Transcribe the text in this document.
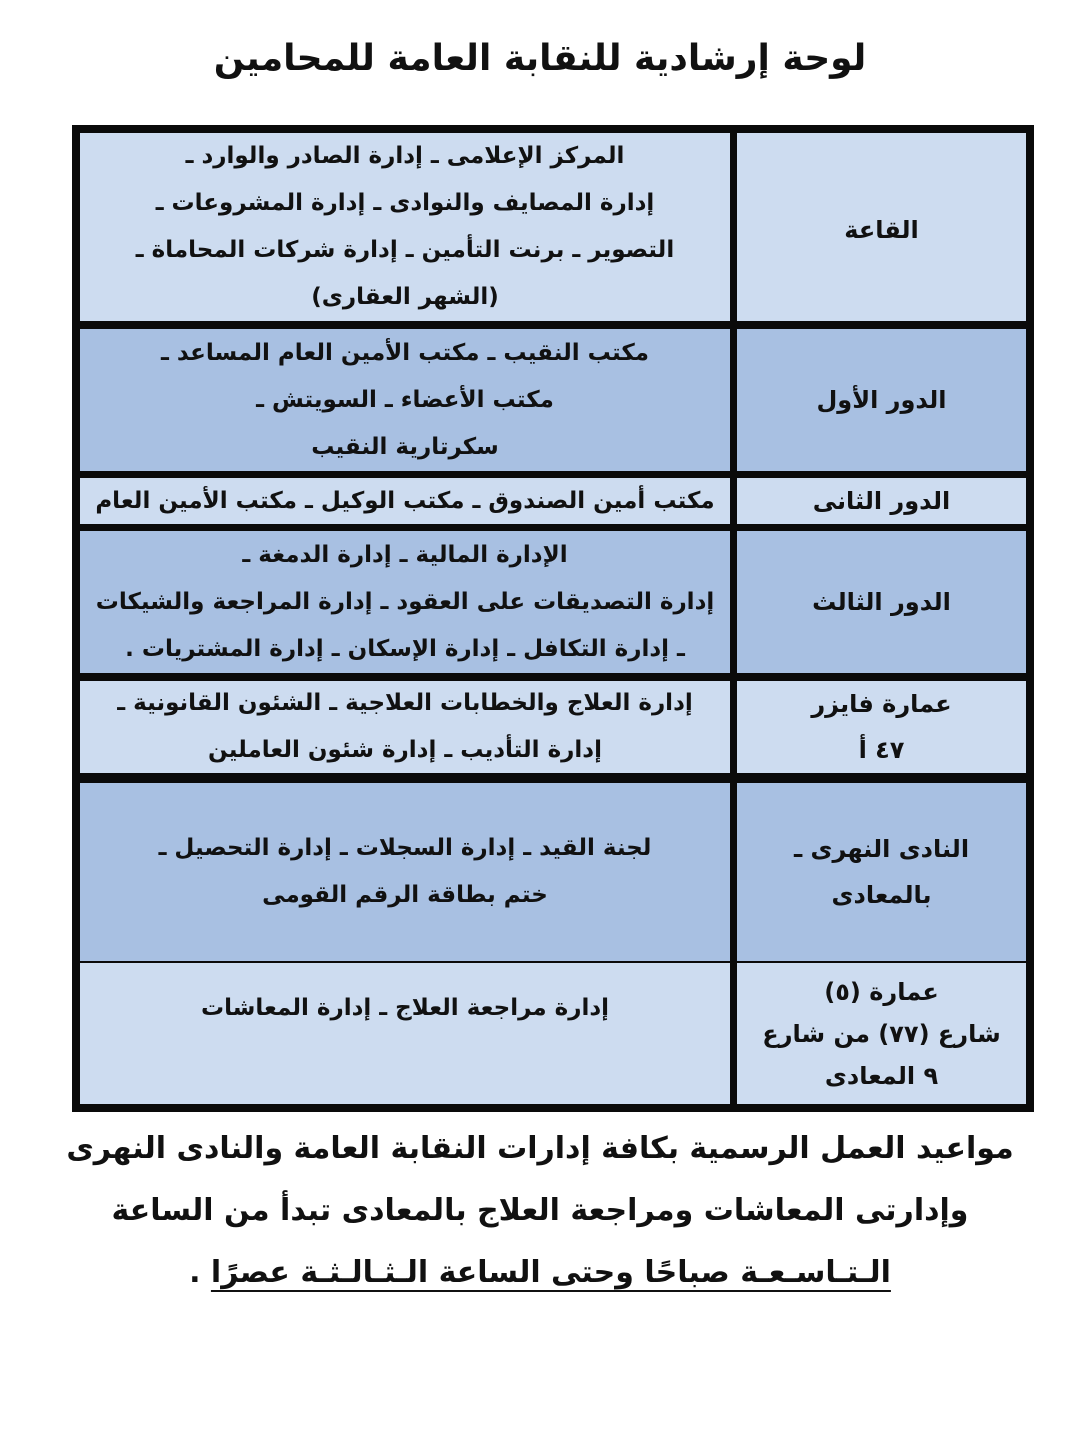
لوحة إرشادية للنقابة العامة للمحامين
القاعة
المركز الإعلامى ـ إدارة الصادر والوارد ـ
إدارة المصايف والنوادى ـ إدارة المشروعات ـ
التصوير ـ برنت التأمين ـ إدارة شركات المحاماة ـ
(الشهر العقارى)
الدور الأول
مكتب النقيب ـ مكتب الأمين العام المساعد ـ
مكتب الأعضاء ـ السويتش ـ
سكرتارية النقيب
الدور الثانى
مكتب أمين الصندوق ـ مكتب الوكيل ـ مكتب الأمين العام
الدور الثالث
الإدارة المالية ـ إدارة الدمغة ـ
إدارة التصديقات على العقود ـ إدارة المراجعة والشيكات
ـ إدارة التكافل ـ إدارة الإسكان ـ إدارة المشتريات .
عمارة فايزر
٤٧ أ
إدارة العلاج والخطابات العلاجية ـ الشئون القانونية ـ
إدارة التأديب ـ إدارة شئون العاملين
النادى النهرى ـ
بالمعادى
لجنة القيد ـ إدارة السجلات ـ إدارة التحصيل ـ
ختم بطاقة الرقم القومى
عمارة (٥)
شارع (٧٧) من شارع
٩ المعادى
إدارة مراجعة العلاج ـ إدارة المعاشات
مواعيد العمل الرسمية بكافة إدارات النقابة العامة والنادى النهرى
وإدارتى المعاشات ومراجعة العلاج بالمعادى تبدأ من الساعة
الـتـاسـعـة صباحًا وحتى الساعة الـثـالـثـة عصرًا .
